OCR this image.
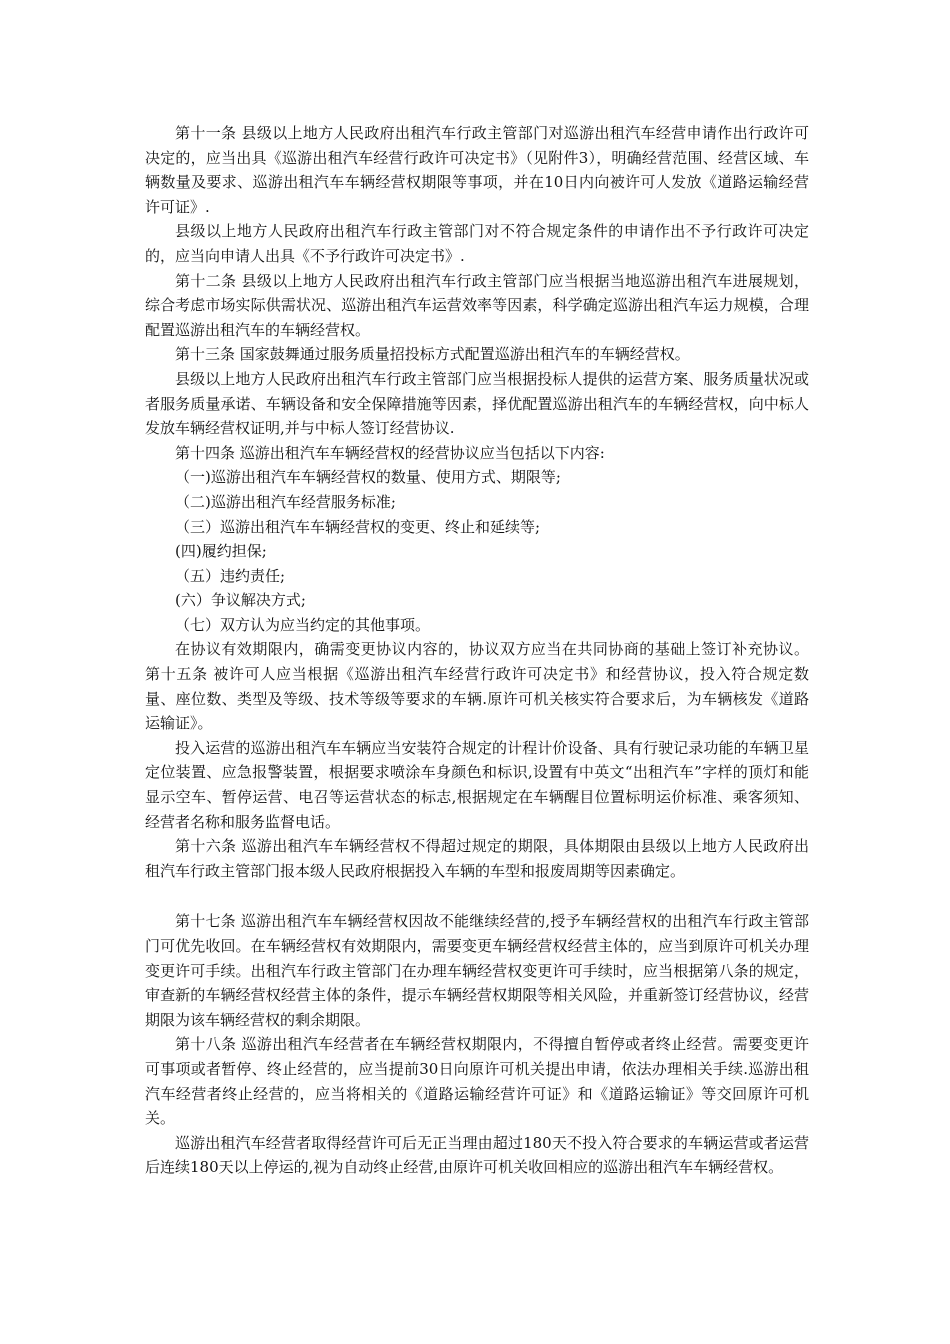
第十一条 县级以上地方人民政府出租汽车行政主管部门对巡游出租汽车经营申请作出行政许可决定的，应当出具《巡游出租汽车经营行政许可决定书》（见附件3），明确经营范围、经营区域、车辆数量及要求、巡游出租汽车车辆经营权期限等事项，并在10日内向被许可人发放《道路运输经营许可证》.

县级以上地方人民政府出租汽车行政主管部门对不符合规定条件的申请作出不予行政许可决定的，应当向申请人出具《不予行政许可决定书》.

第十二条 县级以上地方人民政府出租汽车行政主管部门应当根据当地巡游出租汽车进展规划，综合考虑市场实际供需状况、巡游出租汽车运营效率等因素，科学确定巡游出租汽车运力规模，合理配置巡游出租汽车的车辆经营权。

第十三条 国家鼓舞通过服务质量招投标方式配置巡游出租汽车的车辆经营权。

县级以上地方人民政府出租汽车行政主管部门应当根据投标人提供的运营方案、服务质量状况或者服务质量承诺、车辆设备和安全保障措施等因素，择优配置巡游出租汽车的车辆经营权，向中标人发放车辆经营权证明,并与中标人签订经营协议.

第十四条 巡游出租汽车车辆经营权的经营协议应当包括以下内容:

（一)巡游出租汽车车辆经营权的数量、使用方式、期限等;

（二)巡游出租汽车经营服务标准;

（三）巡游出租汽车车辆经营权的变更、终止和延续等;

(四)履约担保;

（五）违约责任;

(六）争议解决方式;

（七）双方认为应当约定的其他事项。

在协议有效期限内，确需变更协议内容的，协议双方应当在共同协商的基础上签订补充协议。 第十五条 被许可人应当根据《巡游出租汽车经营行政许可决定书》和经营协议，投入符合规定数量、座位数、类型及等级、技术等级等要求的车辆.原许可机关核实符合要求后，为车辆核发《道路运输证》。

投入运营的巡游出租汽车车辆应当安装符合规定的计程计价设备、具有行驶记录功能的车辆卫星定位装置、应急报警装置，根据要求喷涂车身颜色和标识,设置有中英文“出租汽车”字样的顶灯和能显示空车、暂停运营、电召等运营状态的标志,根据规定在车辆醒目位置标明运价标准、乘客须知、经营者名称和服务监督电话。

第十六条 巡游出租汽车车辆经营权不得超过规定的期限，具体期限由县级以上地方人民政府出租汽车行政主管部门报本级人民政府根据投入车辆的车型和报废周期等因素确定。

第十七条 巡游出租汽车车辆经营权因故不能继续经营的,授予车辆经营权的出租汽车行政主管部门可优先收回。在车辆经营权有效期限内，需要变更车辆经营权经营主体的，应当到原许可机关办理变更许可手续。出租汽车行政主管部门在办理车辆经营权变更许可手续时，应当根据第八条的规定，审查新的车辆经营权经营主体的条件，提示车辆经营权期限等相关风险，并重新签订经营协议，经营期限为该车辆经营权的剩余期限。

第十八条 巡游出租汽车经营者在车辆经营权期限内，不得擅自暂停或者终止经营。需要变更许可事项或者暂停、终止经营的，应当提前30日向原许可机关提出申请，依法办理相关手续.巡游出租汽车经营者终止经营的，应当将相关的《道路运输经营许可证》和《道路运输证》等交回原许可机关。

巡游出租汽车经营者取得经营许可后无正当理由超过180天不投入符合要求的车辆运营或者运营后连续180天以上停运的,视为自动终止经营,由原许可机关收回相应的巡游出租汽车车辆经营权。
